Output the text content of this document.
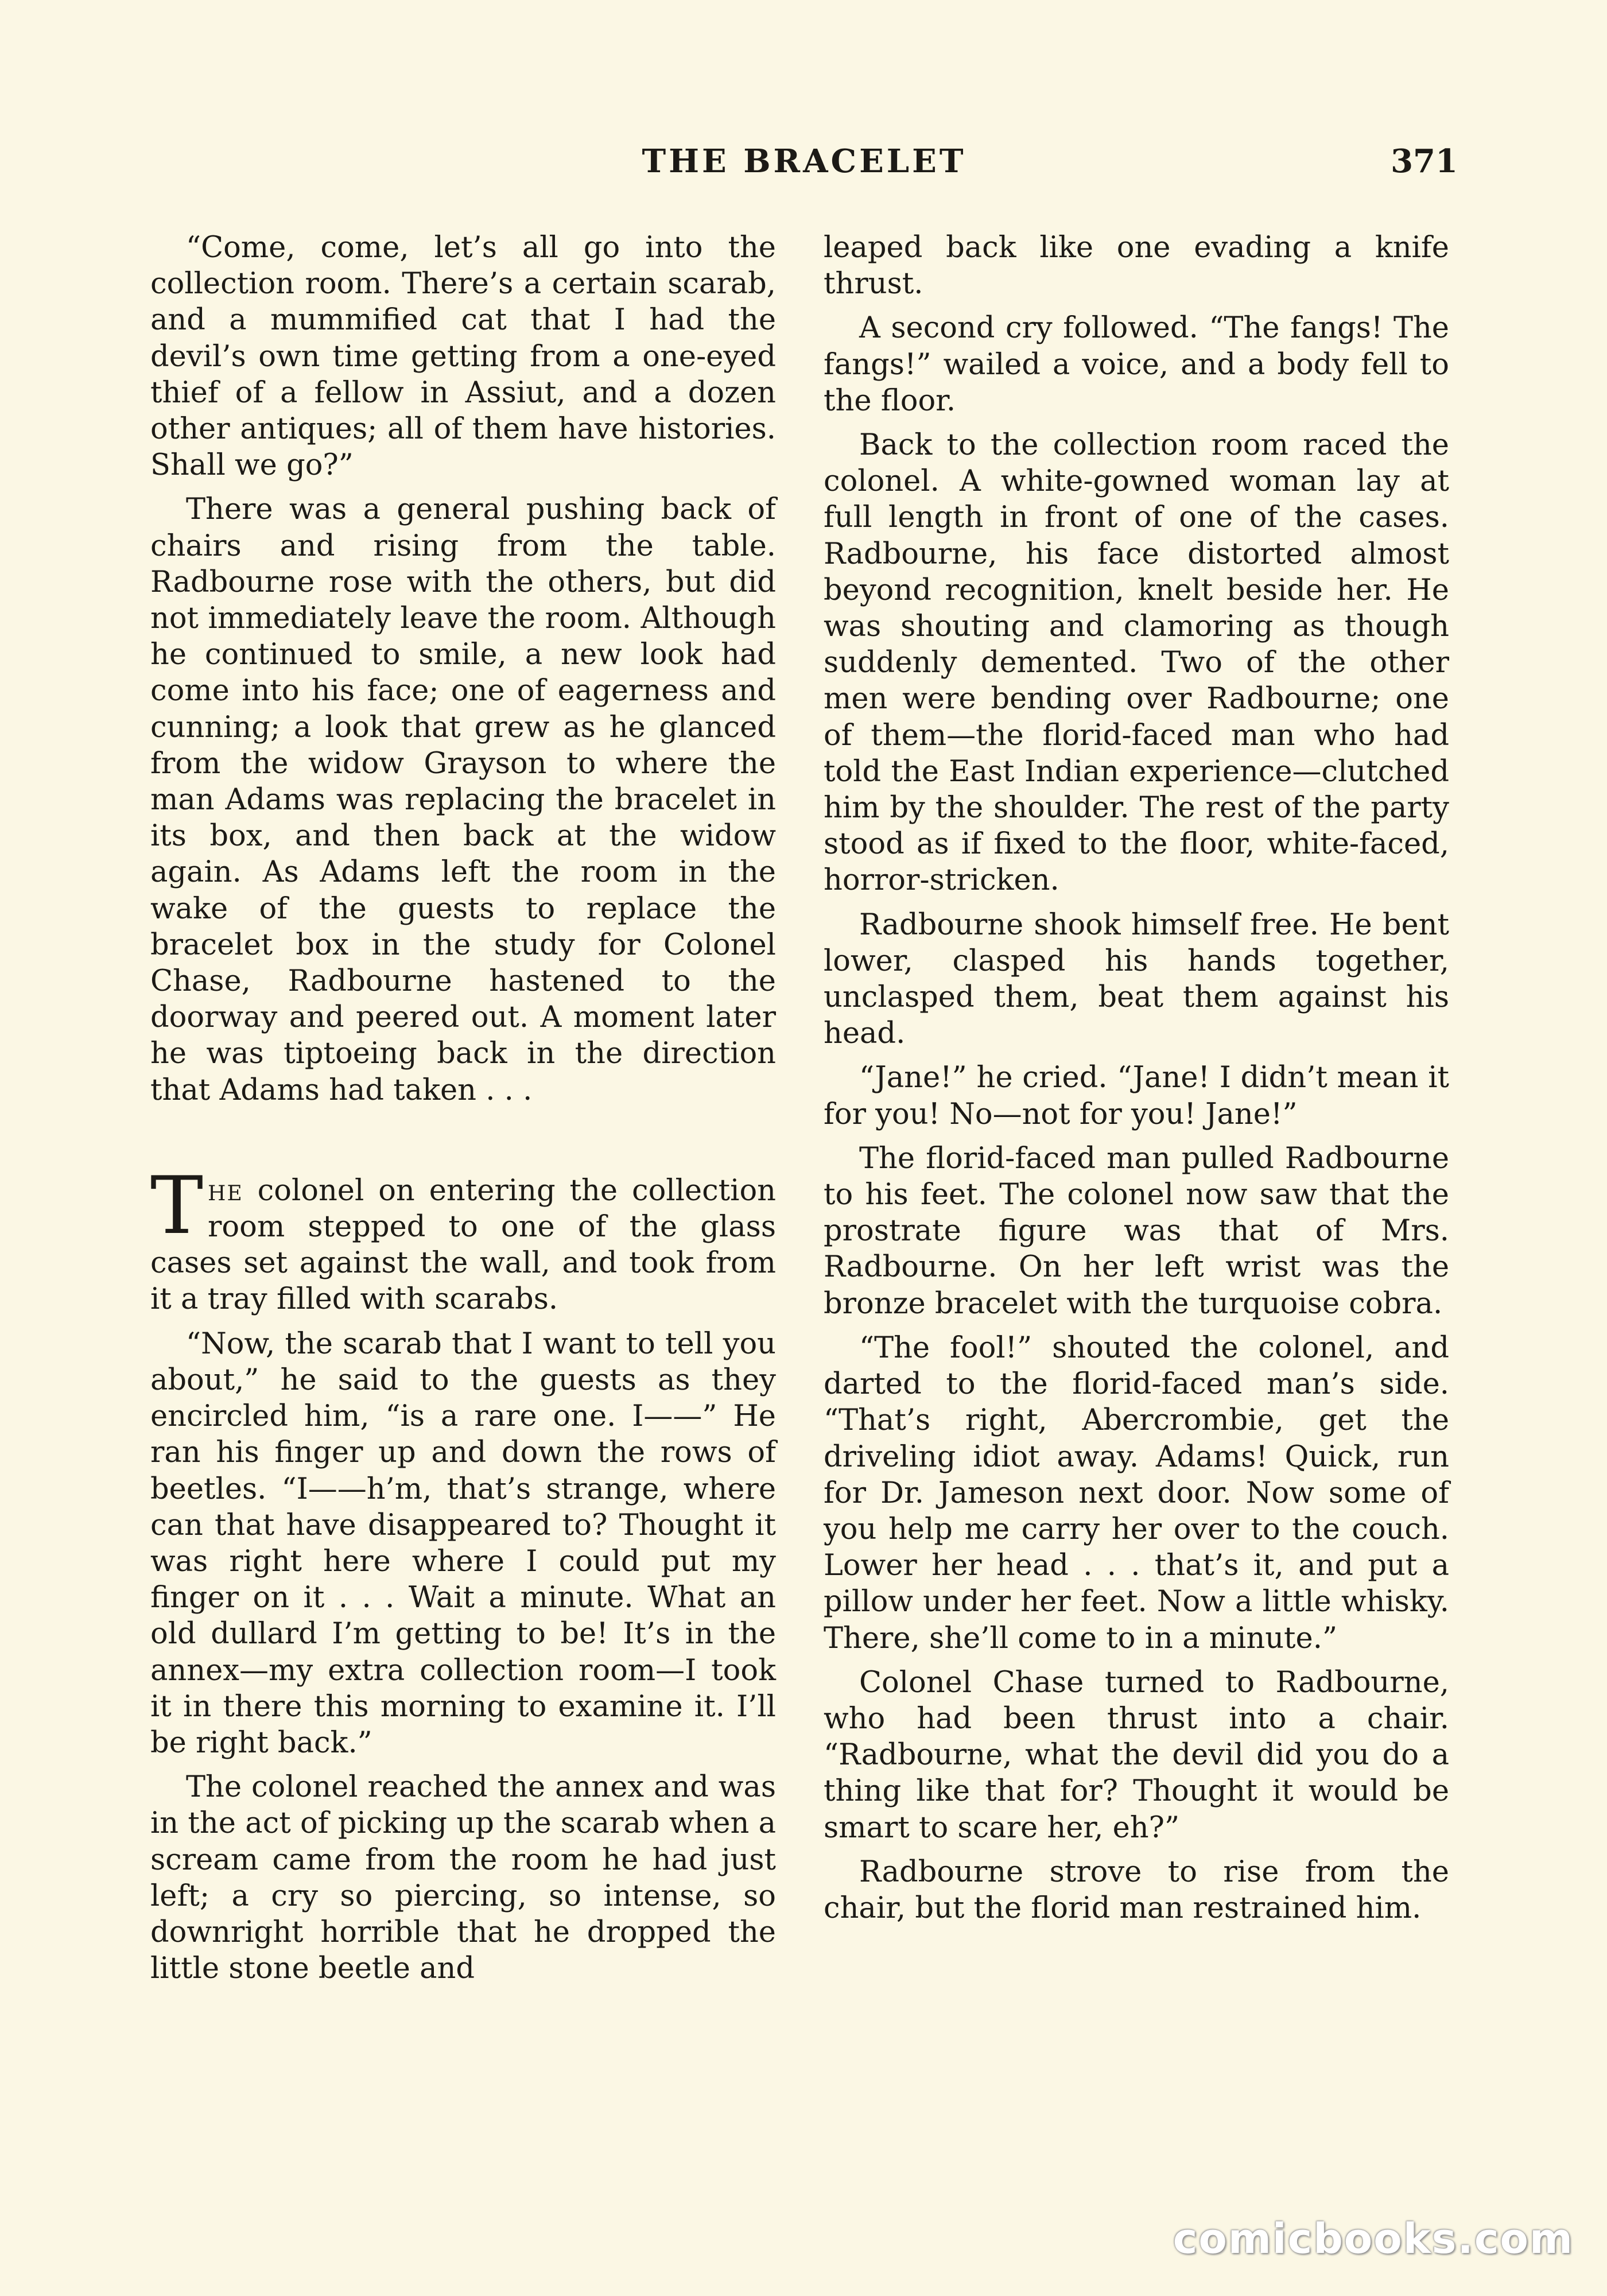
THE BRACELET	371

“Come, come, let’s all go into the collection room. There’s a certain scarab, and a mummified cat that I had the devil’s own time getting from a one-eyed thief of a fellow in Assiut, and a dozen other antiques; all of them have histories. Shall we go?”

There was a general pushing back of chairs and rising from the table. Radbourne rose with the others, but did not immediately leave the room. Although he continued to smile, a new look had come into his face; one of eagerness and cunning; a look that grew as he glanced from the widow Grayson to where the man Adams was replacing the bracelet in its box, and then back at the widow again. As Adams left the room in the wake of the guests to replace the bracelet box in the study for Colonel Chase, Radbourne hastened to the doorway and peered out. A moment later he was tiptoeing back in the direction that Adams had taken . . .

The colonel on entering the collection room stepped to one of the glass cases set against the wall, and took from it a tray filled with scarabs.

“Now, the scarab that I want to tell you about,” he said to the guests as they encircled him, “is a rare one. I——” He ran his finger up and down the rows of beetles. “I——h’m, that’s strange, where can that have disappeared to? Thought it was right here where I could put my finger on it . . . Wait a minute. What an old dullard I’m getting to be! It’s in the annex—my extra collection room—I took it in there this morning to examine it. I’ll be right back.”

The colonel reached the annex and was in the act of picking up the scarab when a scream came from the room he had just left; a cry so piercing, so intense, so downright horrible that he dropped the little stone beetle and

leaped back like one evading a knife thrust.

A second cry followed. “The fangs! The fangs!” wailed a voice, and a body fell to the floor.

Back to the collection room raced the colonel. A white-gowned woman lay at full length in front of one of the cases. Radbourne, his face distorted almost beyond recognition, knelt beside her. He was shouting and clamoring as though suddenly demented. Two of the other men were bending over Radbourne; one of them—the florid-faced man who had told the East Indian experience—clutched him by the shoulder. The rest of the party stood as if fixed to the floor, white-faced, horror-stricken.

Radbourne shook himself free. He bent lower, clasped his hands together, unclasped them, beat them against his head.

“Jane!” he cried. “Jane! I didn’t mean it for you! No—not for you! Jane!”

The florid-faced man pulled Radbourne to his feet. The colonel now saw that the prostrate figure was that of Mrs. Radbourne. On her left wrist was the bronze bracelet with the turquoise cobra.

“The fool!” shouted the colonel, and darted to the florid-faced man’s side. “That’s right, Abercrombie, get the driveling idiot away. Adams! Quick, run for Dr. Jameson next door. Now some of you help me carry her over to the couch. Lower her head . . . that’s it, and put a pillow under her feet. Now a little whisky. There, she’ll come to in a minute.”

Colonel Chase turned to Radbourne, who had been thrust into a chair. “Radbourne, what the devil did you do a thing like that for? Thought it would be smart to scare her, eh?”

Radbourne strove to rise from the chair, but the florid man restrained him.

comicbooks.com
